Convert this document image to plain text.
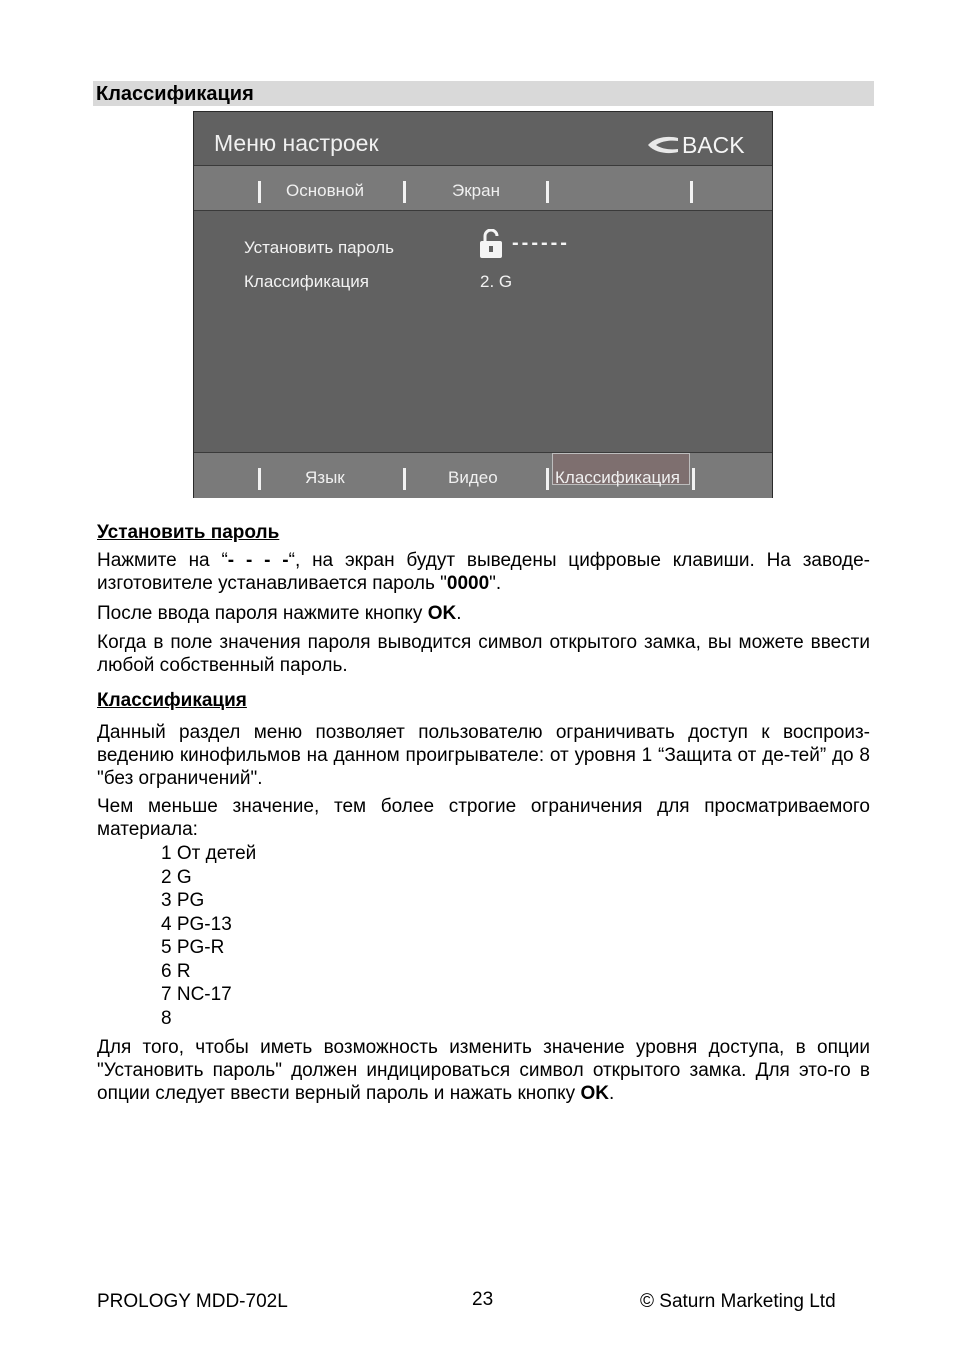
Классификация
Меню настроек	BACK
Основной	Экран
Установить пароль	------
Классификация	2. G
Язык	Видео	Классификация
Установить пароль

Нажмите на “- - - -“, на экран будут выведены цифровые клавиши. На заводе-изготовителе устанавливается пароль "0000".

После ввода пароля нажмите кнопку OK.

Когда в поле значения пароля выводится символ открытого замка, вы можете ввести любой собственный пароль.

Классификация

Данный раздел меню позволяет пользователю ограничивать доступ к воспроиз-ведению кинофильмов на данном проигрывателе: от уровня 1 “Защита от де-тей” до 8 "без ограничений".

Чем меньше значение, тем более строгие ограничения для просматриваемого материала:

1 От детей
2 G
3 PG
4 PG-13
5 PG-R
6 R
7 NC-17
8

Для того, чтобы иметь возможность изменить значение уровня доступа, в опции "Установить пароль" должен индицироваться символ открытого замка. Для это-го в опции следует ввести верный пароль и нажать кнопку OK.

PROLOGY MDD-702L	23	© Saturn Marketing Ltd
